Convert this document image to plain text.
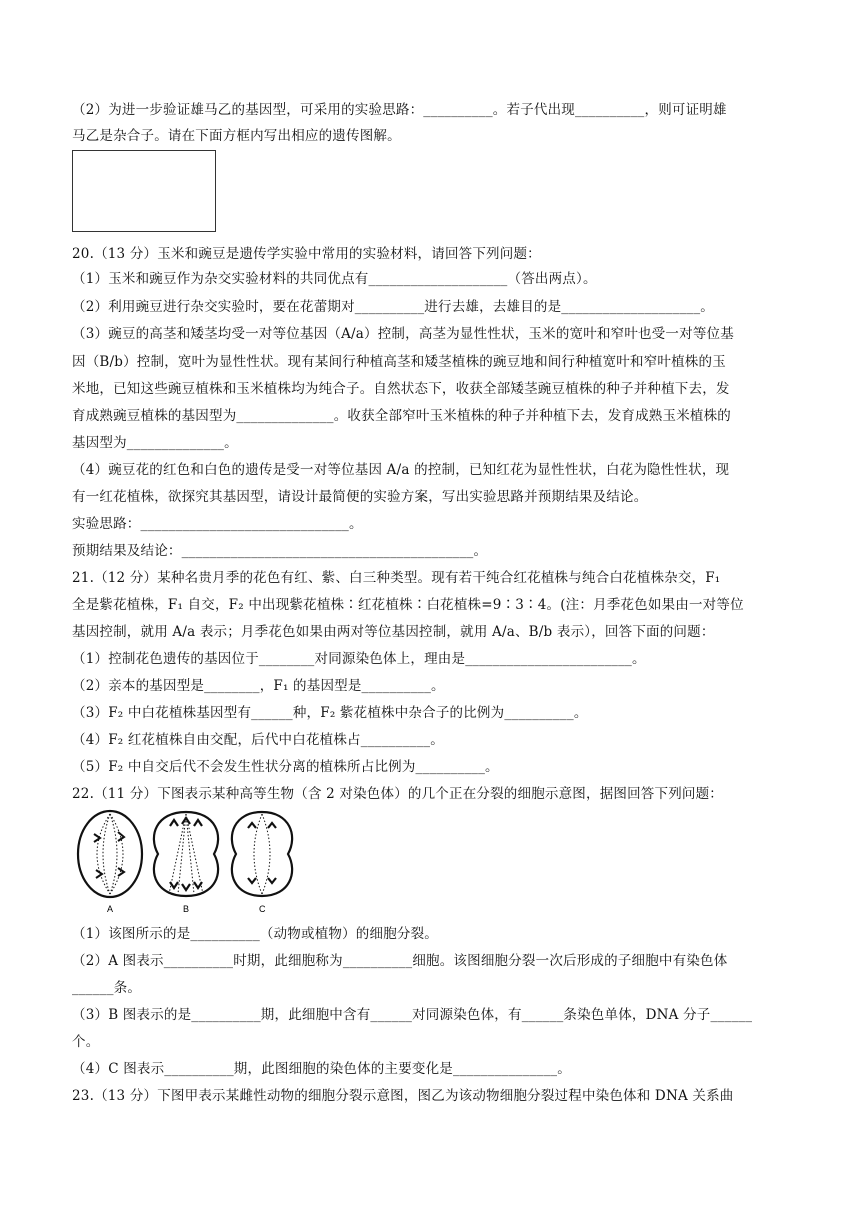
（2）为进一步验证雄马乙的基因型，可采用的实验思路：__________。若子代出现__________，则可证明雄
马乙是杂合子。请在下面方框内写出相应的遗传图解。
20.（13 分）玉米和豌豆是遗传学实验中常用的实验材料，请回答下列问题：
（1）玉米和豌豆作为杂交实验材料的共同优点有____________________（答出两点）。
（2）利用豌豆进行杂交实验时，要在花蕾期对__________进行去雄，去雄目的是____________________。
（3）豌豆的高茎和矮茎均受一对等位基因（A/a）控制，高茎为显性性状，玉米的宽叶和窄叶也受一对等位基
因（B/b）控制，宽叶为显性性状。现有某间行种植高茎和矮茎植株的豌豆地和间行种植宽叶和窄叶植株的玉
米地，已知这些豌豆植株和玉米植株均为纯合子。自然状态下，收获全部矮茎豌豆植株的种子并种植下去，发
育成熟豌豆植株的基因型为______________。收获全部窄叶玉米植株的种子并种植下去，发育成熟玉米植株的
基因型为______________。
（4）豌豆花的红色和白色的遗传是受一对等位基因 A/a 的控制，已知红花为显性性状，白花为隐性性状，现
有一红花植株，欲探究其基因型，请设计最简便的实验方案，写出实验思路并预期结果及结论。
实验思路：______________________________。
预期结果及结论：__________________________________________。
21.（12 分）某种名贵月季的花色有红、紫、白三种类型。现有若干纯合红花植株与纯合白花植株杂交，F₁
全是紫花植株，F₁ 自交，F₂ 中出现紫花植株∶红花植株∶白花植株=9∶3∶4。(注：月季花色如果由一对等位
基因控制，就用 A/a 表示；月季花色如果由两对等位基因控制，就用 A/a、B/b 表示），回答下面的问题：
（1）控制花色遗传的基因位于________对同源染色体上，理由是________________________。
（2）亲本的基因型是________，F₁ 的基因型是__________。
（3）F₂ 中白花植株基因型有______种，F₂ 紫花植株中杂合子的比例为__________。
（4）F₂ 红花植株自由交配，后代中白花植株占__________。
（5）F₂ 中自交后代不会发生性状分离的植株所占比例为__________。
22.（11 分）下图表示某种高等生物（含 2 对染色体）的几个正在分裂的细胞示意图，据图回答下列问题：
A	B	C
（1）该图所示的是__________（动物或植物）的细胞分裂。
（2）A 图表示__________时期，此细胞称为__________细胞。该图细胞分裂一次后形成的子细胞中有染色体
______条。
（3）B 图表示的是__________期，此细胞中含有______对同源染色体，有______条染色单体，DNA 分子______
个。
（4）C 图表示__________期，此图细胞的染色体的主要变化是_______________。
23.（13 分）下图甲表示某雌性动物的细胞分裂示意图，图乙为该动物细胞分裂过程中染色体和 DNA 关系曲
